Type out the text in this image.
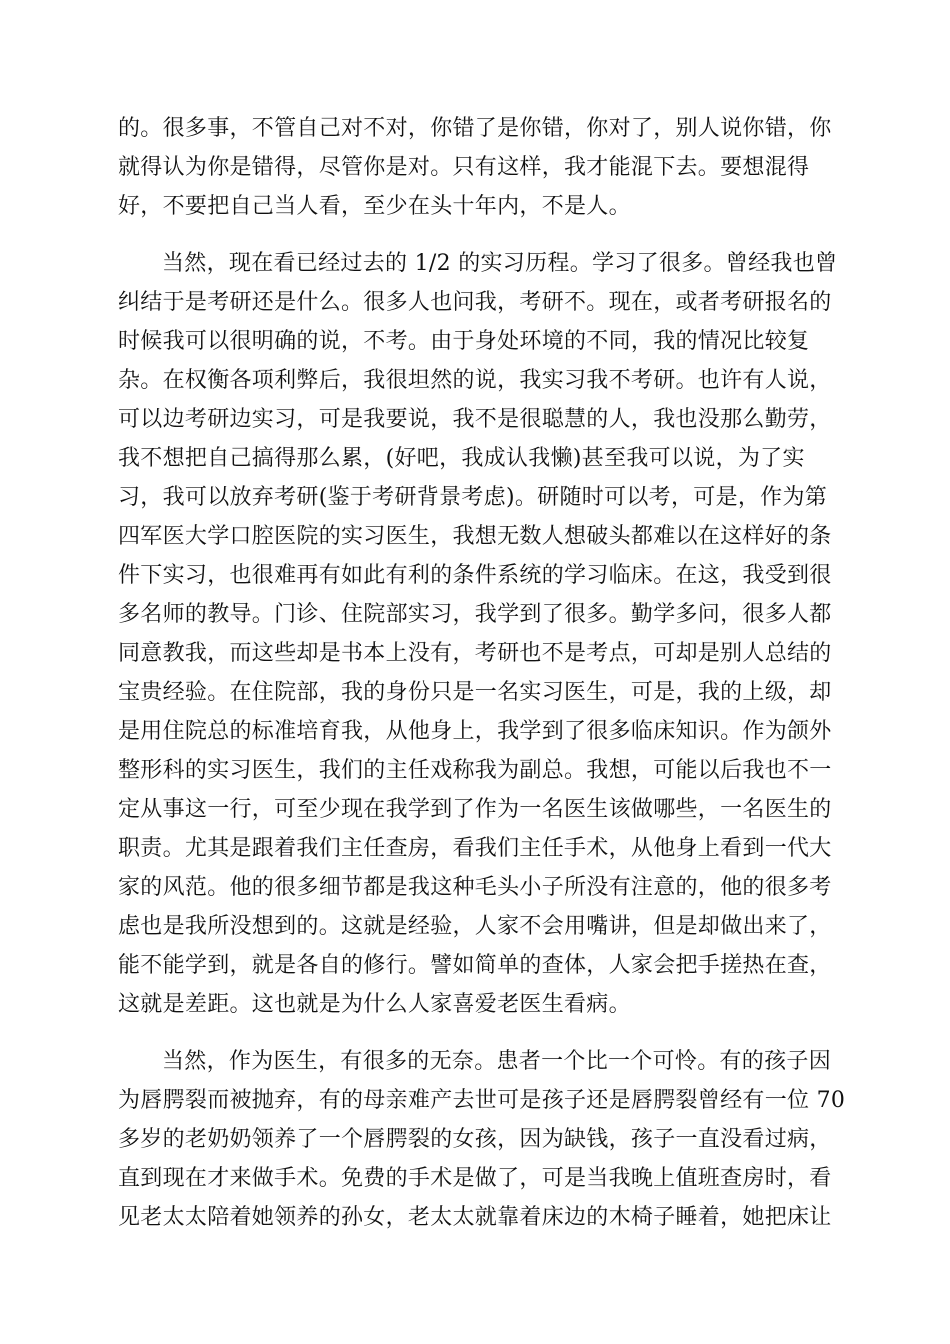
的。很多事，不管自己对不对，你错了是你错，你对了，别人说你错，你
就得认为你是错得，尽管你是对。只有这样，我才能混下去。要想混得
好，不要把自己当人看，至少在头十年内，不是人。
当然，现在看已经过去的 1/2 的实习历程。学习了很多。曾经我也曾
纠结于是考研还是什么。很多人也问我，考研不。现在，或者考研报名的
时候我可以很明确的说，不考。由于身处环境的不同，我的情况比较复
杂。在权衡各项利弊后，我很坦然的说，我实习我不考研。也许有人说，
可以边考研边实习，可是我要说，我不是很聪慧的人，我也没那么勤劳，
我不想把自己搞得那么累，(好吧，我成认我懒)甚至我可以说，为了实
习，我可以放弃考研(鉴于考研背景考虑)。研随时可以考，可是，作为第
四军医大学口腔医院的实习医生，我想无数人想破头都难以在这样好的条
件下实习，也很难再有如此有利的条件系统的学习临床。在这，我受到很
多名师的教导。门诊、住院部实习，我学到了很多。勤学多问，很多人都
同意教我，而这些却是书本上没有，考研也不是考点，可却是别人总结的
宝贵经验。在住院部，我的身份只是一名实习医生，可是，我的上级，却
是用住院总的标准培育我，从他身上，我学到了很多临床知识。作为颌外
整形科的实习医生，我们的主任戏称我为副总。我想，可能以后我也不一
定从事这一行，可至少现在我学到了作为一名医生该做哪些，一名医生的
职责。尤其是跟着我们主任查房，看我们主任手术，从他身上看到一代大
家的风范。他的很多细节都是我这种毛头小子所没有注意的，他的很多考
虑也是我所没想到的。这就是经验，人家不会用嘴讲，但是却做出来了，
能不能学到，就是各自的修行。譬如简单的查体，人家会把手搓热在查，
这就是差距。这也就是为什么人家喜爱老医生看病。
当然，作为医生，有很多的无奈。患者一个比一个可怜。有的孩子因
为唇腭裂而被抛弃，有的母亲难产去世可是孩子还是唇腭裂曾经有一位 70
多岁的老奶奶领养了一个唇腭裂的女孩，因为缺钱，孩子一直没看过病，
直到现在才来做手术。免费的手术是做了，可是当我晚上值班查房时，看
见老太太陪着她领养的孙女，老太太就靠着床边的木椅子睡着，她把床让
